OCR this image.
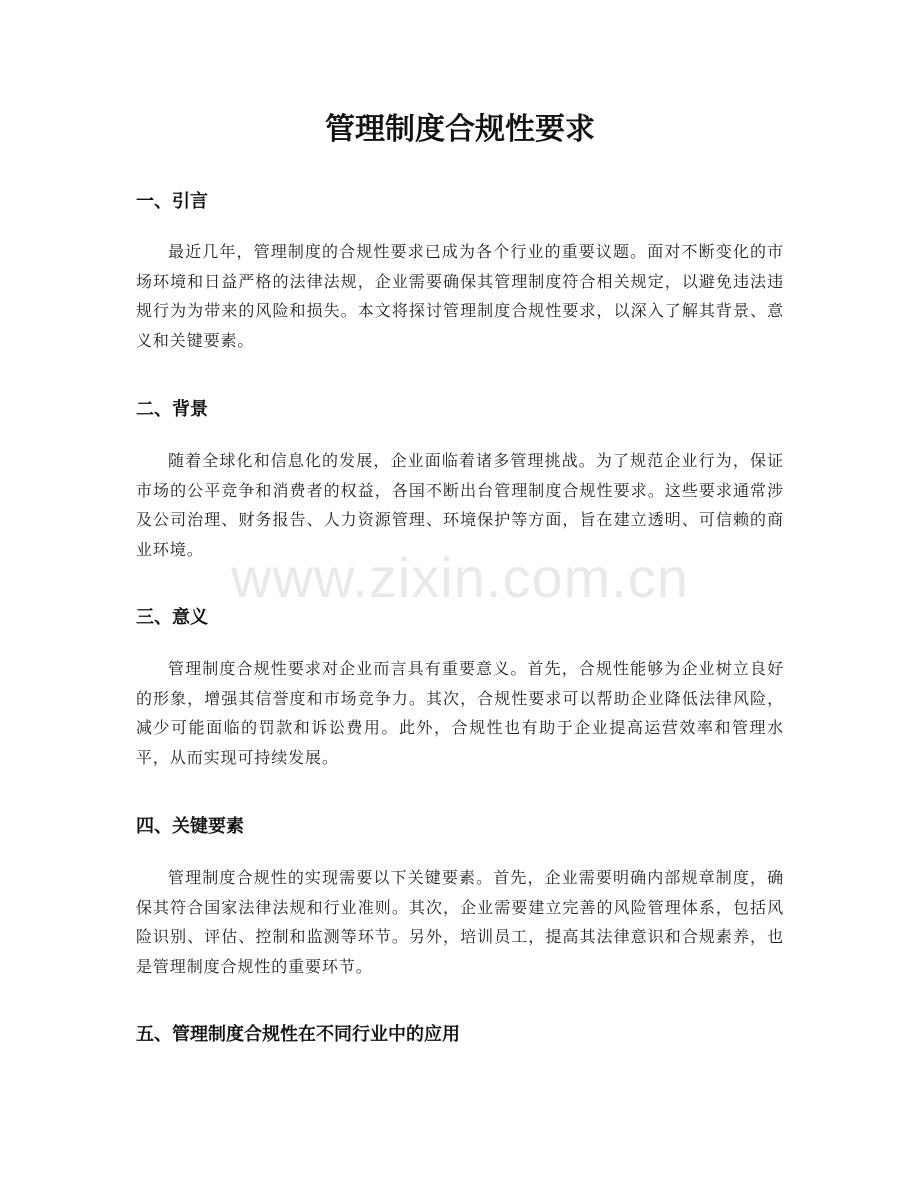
管理制度合规性要求
一、引言

最近几年，管理制度的合规性要求已成为各个行业的重要议题。面对不断变化的市场环境和日益严格的法律法规，企业需要确保其管理制度符合相关规定，以避免违法违规行为为带来的风险和损失。本文将探讨管理制度合规性要求，以深入了解其背景、意义和关键要素。

二、背景

随着全球化和信息化的发展，企业面临着诸多管理挑战。为了规范企业行为，保证市场的公平竞争和消费者的权益，各国不断出台管理制度合规性要求。这些要求通常涉及公司治理、财务报告、人力资源管理、环境保护等方面，旨在建立透明、可信赖的商业环境。

三、意义

管理制度合规性要求对企业而言具有重要意义。首先，合规性能够为企业树立良好的形象，增强其信誉度和市场竞争力。其次，合规性要求可以帮助企业降低法律风险，减少可能面临的罚款和诉讼费用。此外，合规性也有助于企业提高运营效率和管理水平，从而实现可持续发展。

四、关键要素

管理制度合规性的实现需要以下关键要素。首先，企业需要明确内部规章制度，确保其符合国家法律法规和行业准则。其次，企业需要建立完善的风险管理体系，包括风险识别、评估、控制和监测等环节。另外，培训员工，提高其法律意识和合规素养，也是管理制度合规性的重要环节。

五、管理制度合规性在不同行业中的应用
www.zixin.com.cn
